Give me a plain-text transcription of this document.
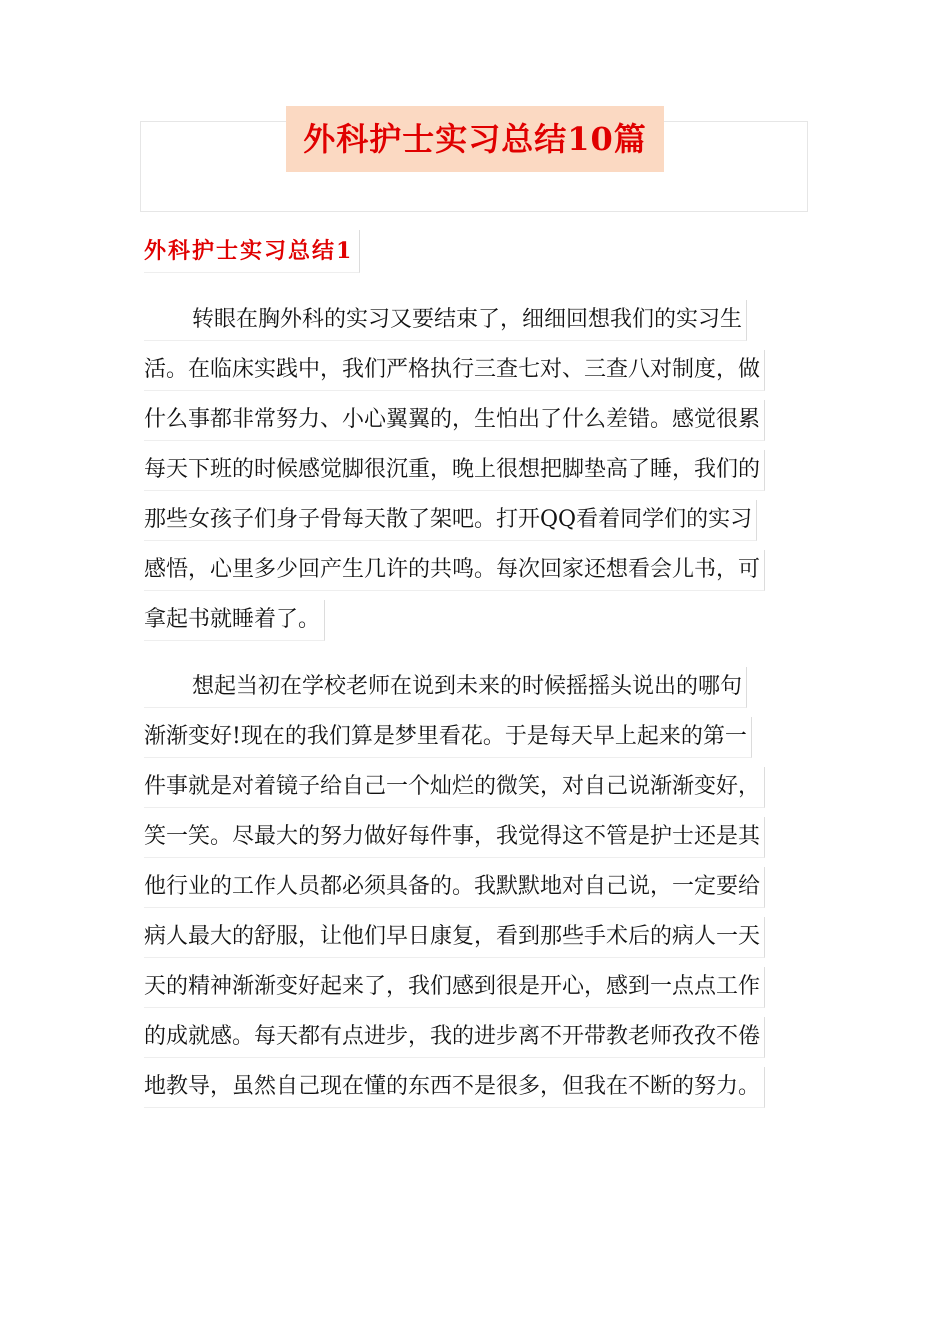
外科护士实习总结10篇
外科护士实习总结1
转眼在胸外科的实习又要结束了，细细回想我们的实习生
活。在临床实践中，我们严格执行三查七对、三查八对制度，做
什么事都非常努力、小心翼翼的，生怕出了什么差错。感觉很累
每天下班的时候感觉脚很沉重，晚上很想把脚垫高了睡，我们的
那些女孩子们身子骨每天散了架吧。打开QQ看着同学们的实习
感悟，心里多少回产生几许的共鸣。每次回家还想看会儿书，可
拿起书就睡着了。
想起当初在学校老师在说到未来的时候摇摇头说出的哪句
渐渐变好!现在的我们算是梦里看花。于是每天早上起来的第一
件事就是对着镜子给自己一个灿烂的微笑，对自己说渐渐变好，
笑一笑。尽最大的努力做好每件事，我觉得这不管是护士还是其
他行业的工作人员都必须具备的。我默默地对自己说，一定要给
病人最大的舒服，让他们早日康复，看到那些手术后的病人一天
天的精神渐渐变好起来了，我们感到很是开心，感到一点点工作
的成就感。每天都有点进步，我的进步离不开带教老师孜孜不倦
地教导，虽然自己现在懂的东西不是很多，但我在不断的努力。
